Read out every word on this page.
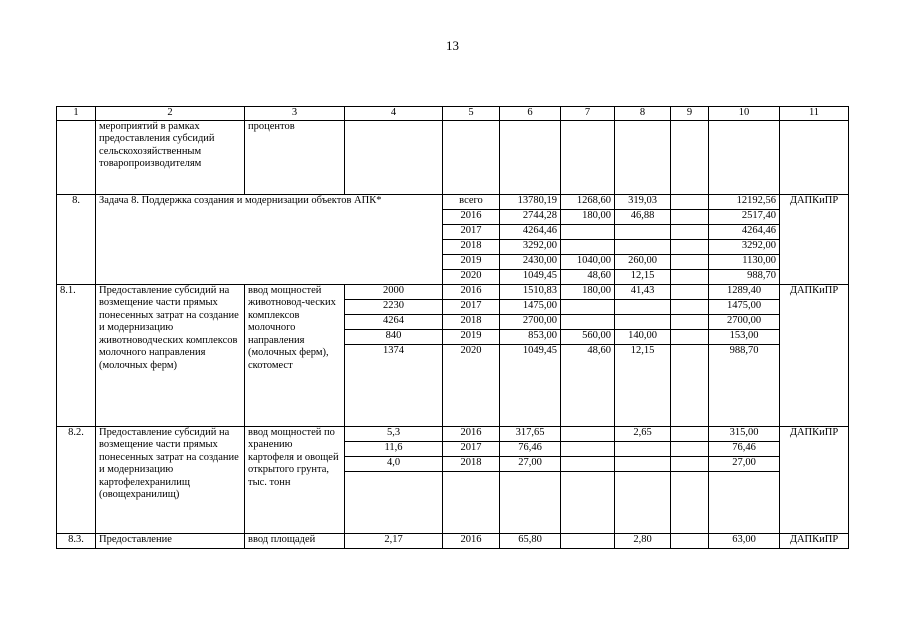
13
1	2	3	4	5	6	7	8	9	10	11
	мероприятий в рамках предоставления субсидий сельскохозяйственным товаропроизводителям	процентов								
8.	Задача 8. Поддержка создания и модернизации объектов АПК*			всего	13780,19	1268,60	319,03		12192,56	ДАПКиПР
				2016	2744,28	180,00	46,88		2517,40	
				2017	4264,46				4264,46	
				2018	3292,00				3292,00	
				2019	2430,00	1040,00	260,00		1130,00	
				2020	1049,45	48,60	12,15		988,70	
8.1.	Предоставление субсидий на возмещение части прямых понесенных затрат на создание и модернизацию животноводческих комплексов молочного направления (молочных ферм)	ввод мощностей животновод-ческих комплексов молочного направления (молочных ферм), скотомест	2000	2016	1510,83	180,00	41,43		1289,40	ДАПКиПР
			2230	2017	1475,00				1475,00	
			4264	2018	2700,00				2700,00	
			840	2019	853,00	560,00	140,00		153,00	
			1374	2020	1049,45	48,60	12,15		988,70	
8.2.	Предоставление субсидий на возмещение части прямых понесенных затрат на создание и модернизацию картофелехранилищ (овощехранилищ)	ввод мощностей по хранению картофеля и овощей открытого грунта, тыс. тонн	5,3	2016	317,65		2,65		315,00	ДАПКиПР
			11,6	2017	76,46				76,46	
			4,0	2018	27,00				27,00	

8.3.	Предоставление	ввод площадей	2,17	2016	65,80		2,80		63,00	ДАПКиПР
